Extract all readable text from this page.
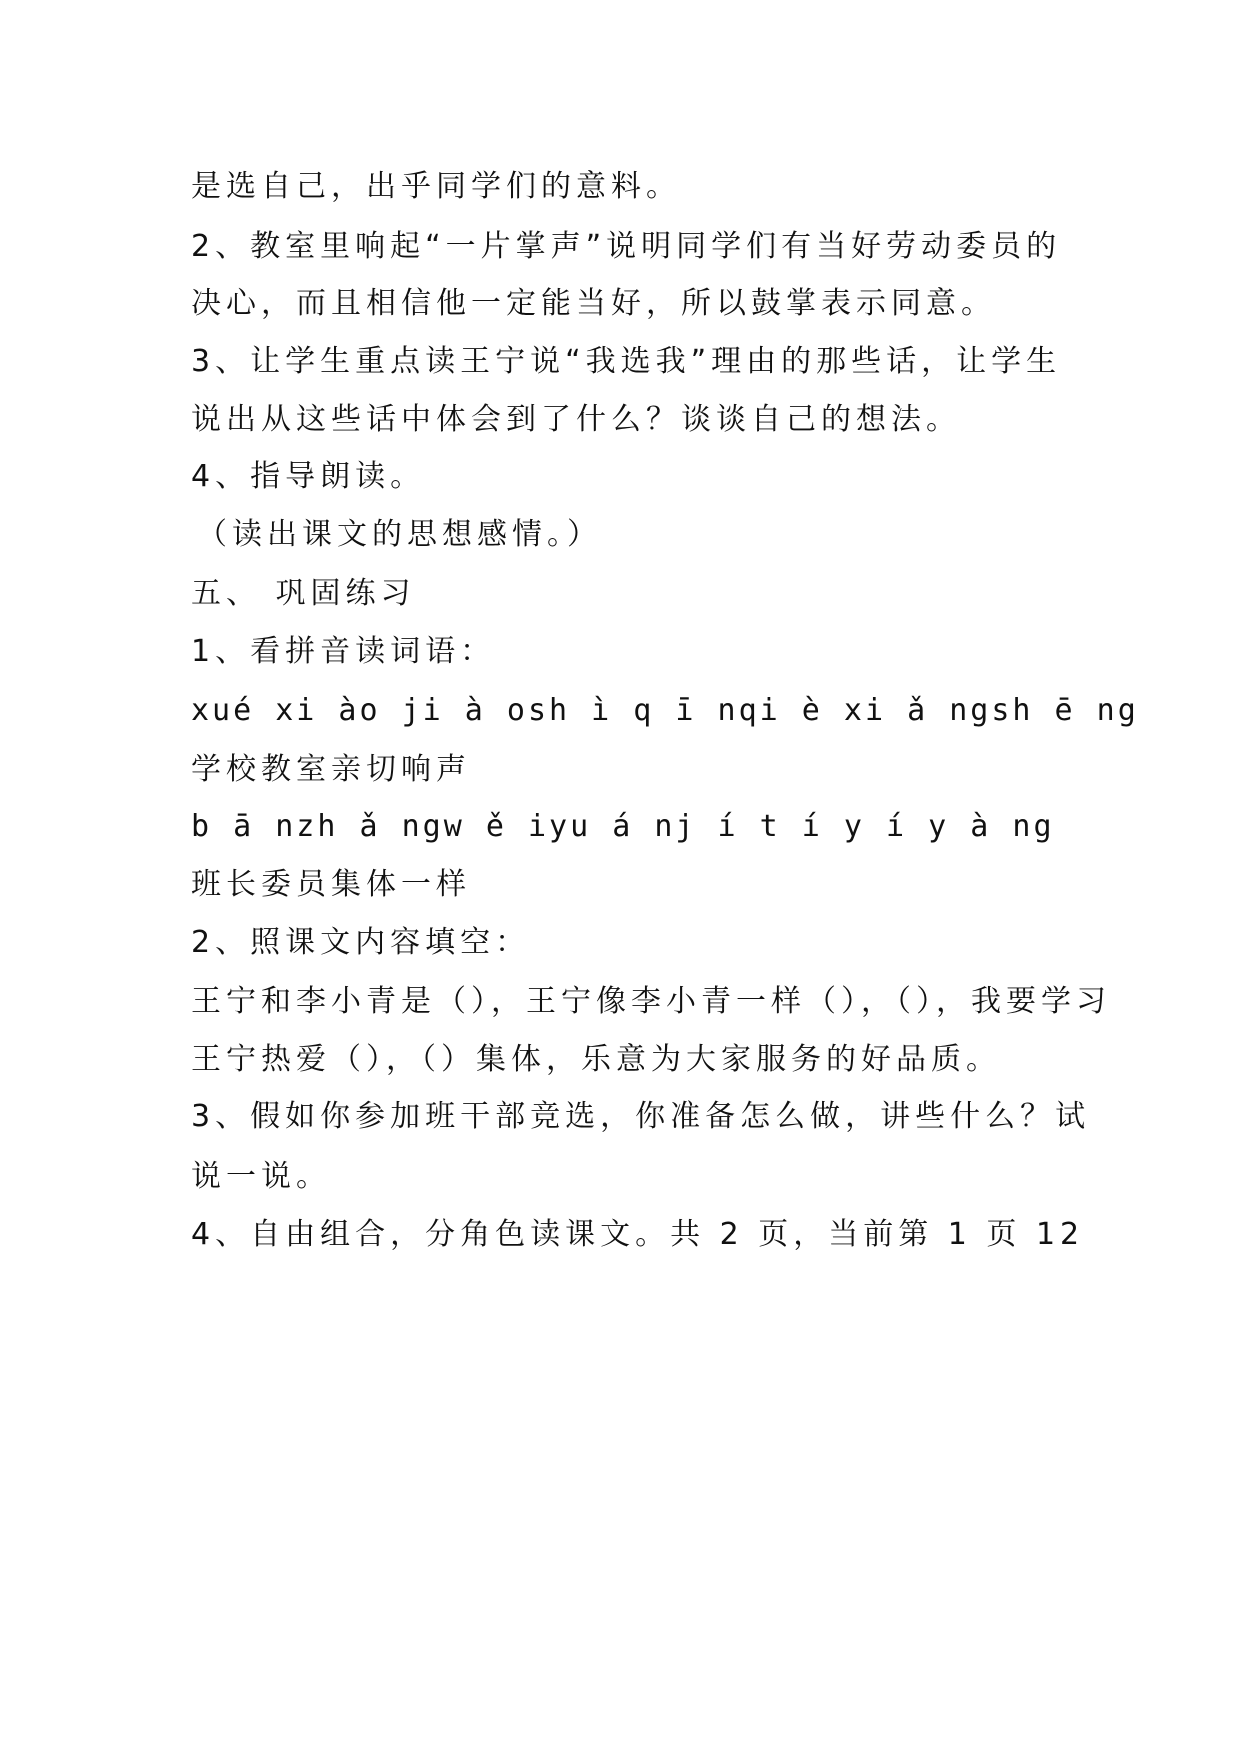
是选自己，出乎同学们的意料。
2、教室里响起“一片掌声”说明同学们有当好劳动委员的
决心，而且相信他一定能当好，所以鼓掌表示同意。
3、让学生重点读王宁说“我选我”理由的那些话，让学生
说出从这些话中体会到了什么？谈谈自己的想法。
4、指导朗读。
（读出课文的思想感情。）
五、 巩固练习
1、看拼音读词语：
xué xi ào ji à osh ì q ī nqi è xi ǎ ngsh ē ng
学校教室亲切响声
b ā nzh ǎ ngw ě iyu á nj í t í y í y à ng
班长委员集体一样
2、照课文内容填空：
王宁和李小青是（），王宁像李小青一样（），（），我要学习
王宁热爱（），（）集体，乐意为大家服务的好品质。
3、假如你参加班干部竞选，你准备怎么做，讲些什么？试
说一说。
4、自由组合，分角色读课文。共 2 页，当前第 1 页 12
